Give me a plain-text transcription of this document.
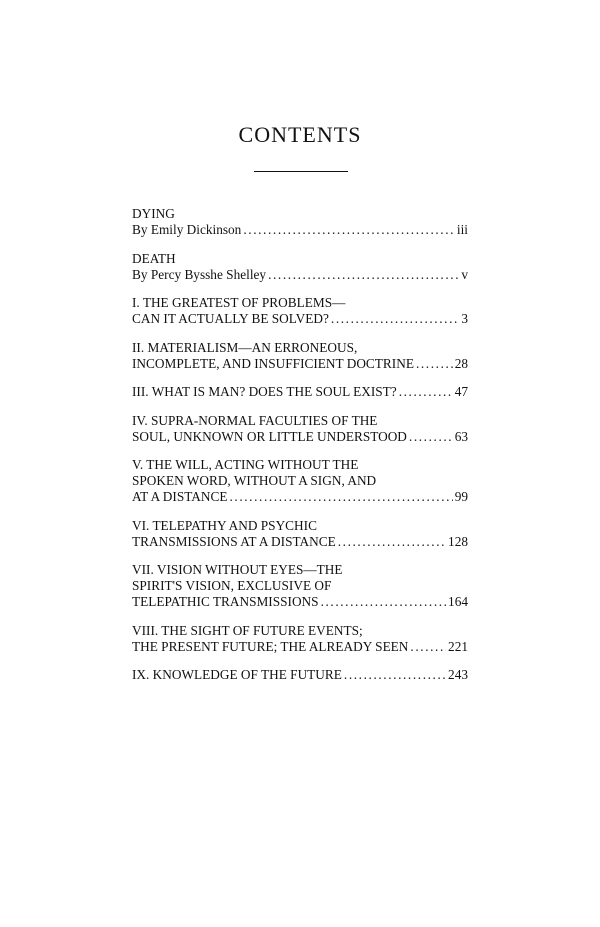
CONTENTS
DYING
By Emily Dickinson .....	iii
DEATH
By Percy Bysshe Shelley .....	v
I. THE GREATEST OF PROBLEMS—
CAN IT ACTUALLY BE SOLVED? .....	3
II. MATERIALISM—AN ERRONEOUS,
INCOMPLETE, AND INSUFFICIENT DOCTRINE .....	28
III. WHAT IS MAN? DOES THE SOUL EXIST? .....	47
IV. SUPRA-NORMAL FACULTIES OF THE
SOUL, UNKNOWN OR LITTLE UNDERSTOOD .....	63
V. THE WILL, ACTING WITHOUT THE
SPOKEN WORD, WITHOUT A SIGN, AND
AT A DISTANCE .....	99
VI. TELEPATHY AND PSYCHIC
TRANSMISSIONS AT A DISTANCE .....	128
VII. VISION WITHOUT EYES—THE
SPIRIT'S VISION, EXCLUSIVE OF
TELEPATHIC TRANSMISSIONS .....	164
VIII. THE SIGHT OF FUTURE EVENTS;
THE PRESENT FUTURE; THE ALREADY SEEN .....	221
IX. KNOWLEDGE OF THE FUTURE .....	243
